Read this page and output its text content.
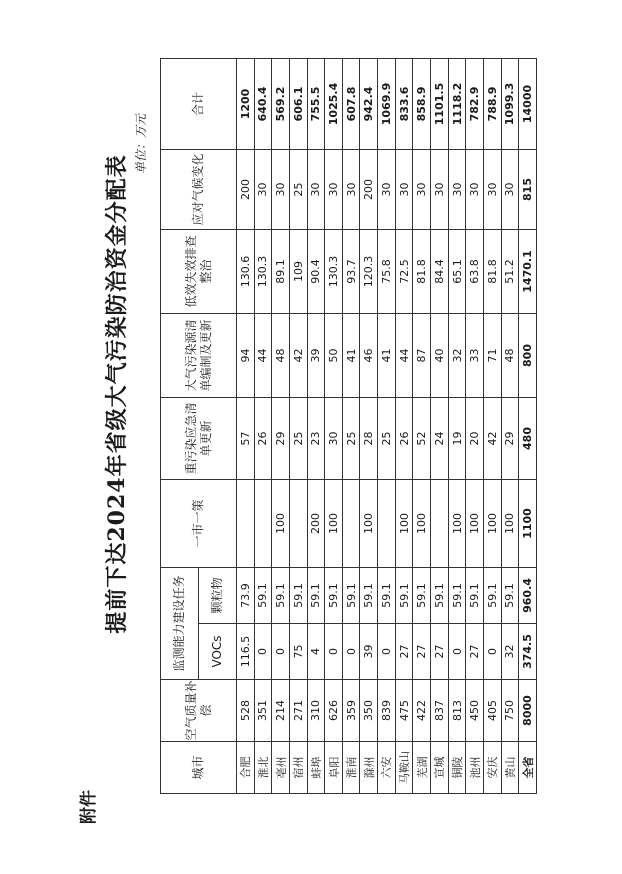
附件
提前下达2024年省级大气污染防治资金分配表
单位：万元
城市	空气质量补偿	监测能力建设任务		一市一策	重污染应急清单更新	大气污染源清单编制及更新	低效失效排查整治	应对气候变化	合计
		VOCs	颗粒物						
合肥	528	116.5	73.9		57	94	130.6	200	1200
淮北	351	0	59.1		26	44	130.3	30	640.4
亳州	214	0	59.1	100	29	48	89.1	30	569.2
宿州	271	75	59.1		25	42	109	25	606.1
蚌埠	310	4	59.1	200	23	39	90.4	30	755.5
阜阳	626	0	59.1	100	30	50	130.3	30	1025.4
淮南	359	0	59.1		25	41	93.7	30	607.8
滁州	350	39	59.1	100	28	46	120.3	200	942.4
六安	839	0	59.1		25	41	75.8	30	1069.9
马鞍山	475	27	59.1	100	26	44	72.5	30	833.6
芜湖	422	27	59.1	100	52	87	81.8	30	858.9
宣城	837	27	59.1		24	40	84.4	30	1101.5
铜陵	813	0	59.1	100	19	32	65.1	30	1118.2
池州	450	27	59.1	100	20	33	63.8	30	782.9
安庆	405	0	59.1	100	42	71	81.8	30	788.9
黄山	750	32	59.1	100	29	48	51.2	30	1099.3
全省	8000	374.5	960.4	1100	480	800	1470.1	815	14000
